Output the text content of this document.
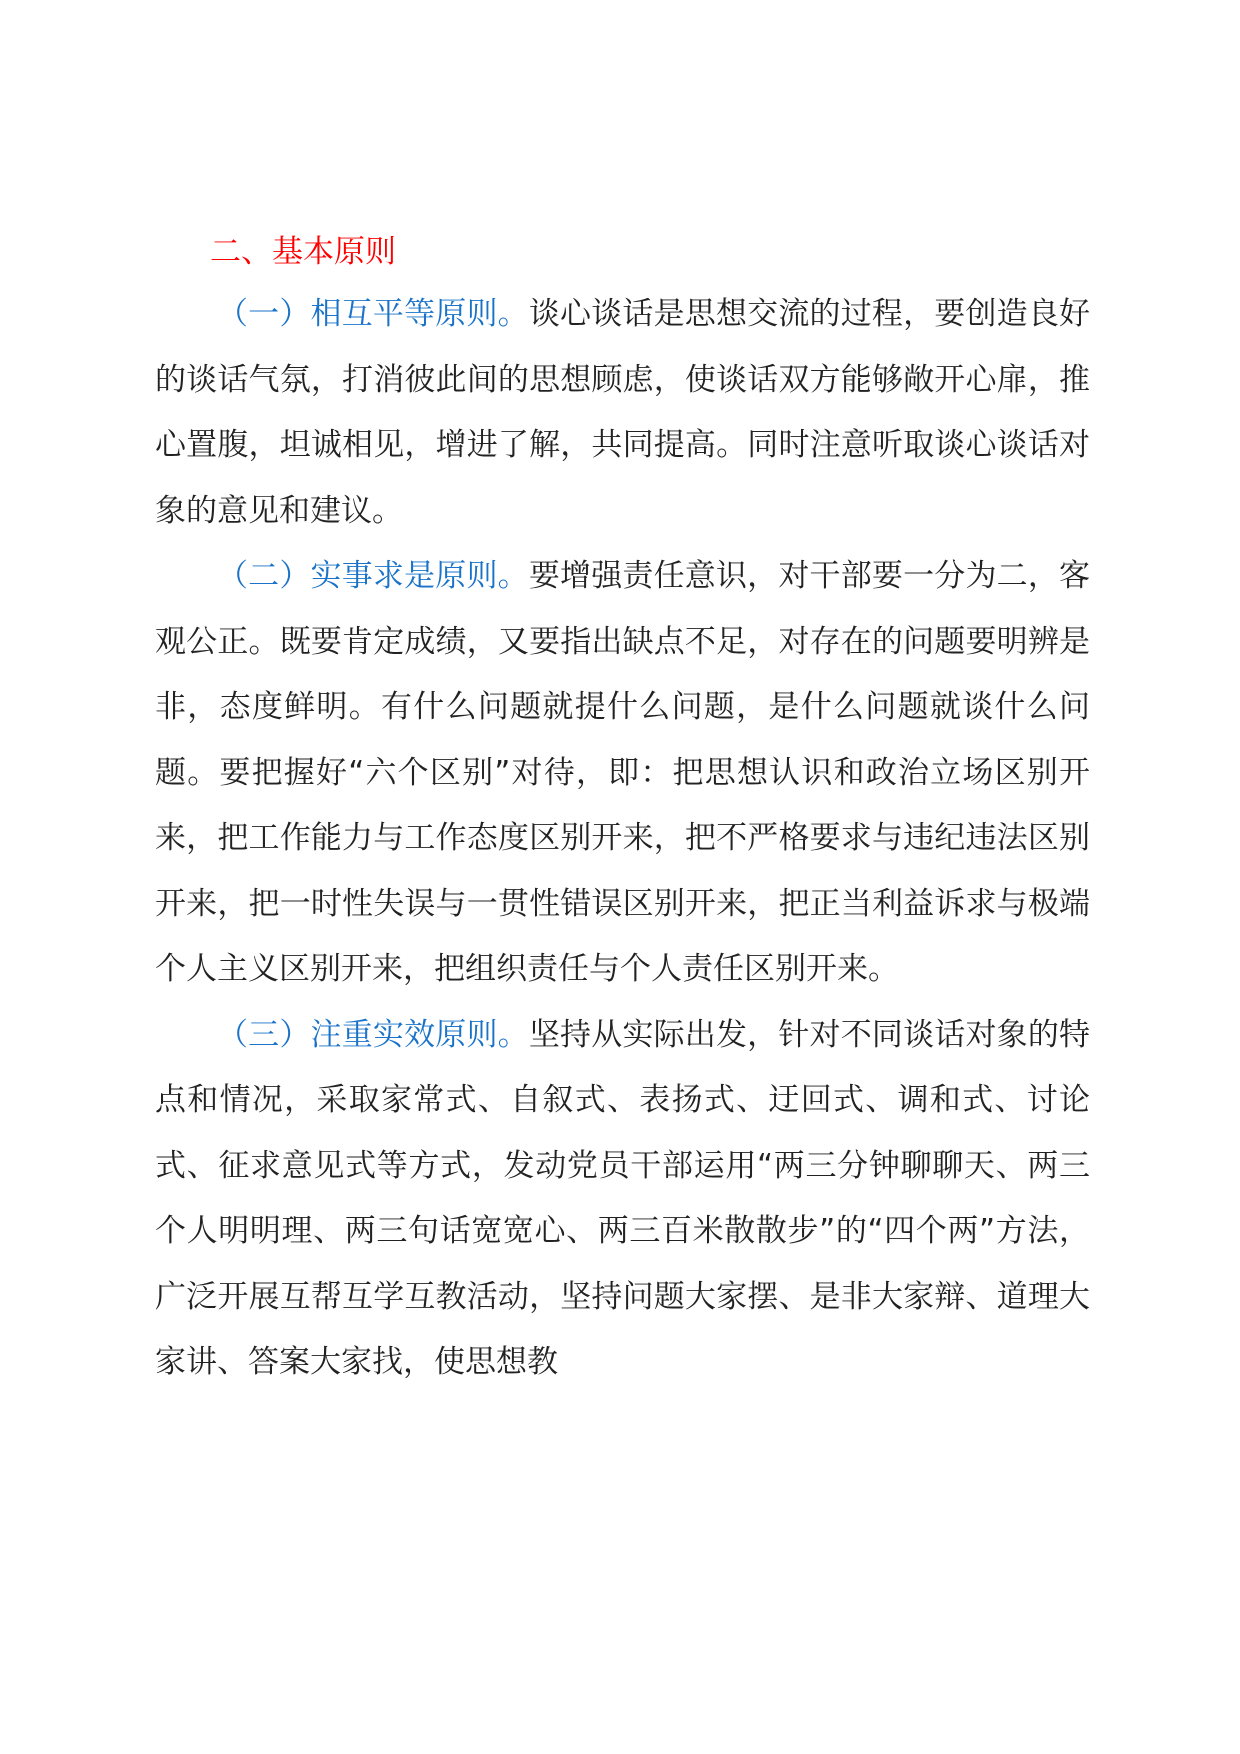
二、基本原则

（一）相互平等原则。谈心谈话是思想交流的过程，要创造良好的谈话气氛，打消彼此间的思想顾虑，使谈话双方能够敞开心扉，推心置腹，坦诚相见，增进了解，共同提高。同时注意听取谈心谈话对象的意见和建议。

（二）实事求是原则。要增强责任意识，对干部要一分为二，客观公正。既要肯定成绩，又要指出缺点不足，对存在的问题要明辨是非，态度鲜明。有什么问题就提什么问题，是什么问题就谈什么问题。要把握好“六个区别”对待，即：把思想认识和政治立场区别开来，把工作能力与工作态度区别开来，把不严格要求与违纪违法区别开来，把一时性失误与一贯性错误区别开来，把正当利益诉求与极端个人主义区别开来，把组织责任与个人责任区别开来。

（三）注重实效原则。坚持从实际出发，针对不同谈话对象的特点和情况，采取家常式、自叙式、表扬式、迂回式、调和式、讨论式、征求意见式等方式，发动党员干部运用“两三分钟聊聊天、两三个人明明理、两三句话宽宽心、两三百米散散步”的“四个两”方法，广泛开展互帮互学互教活动，坚持问题大家摆、是非大家辩、道理大家讲、答案大家找，使思想教
